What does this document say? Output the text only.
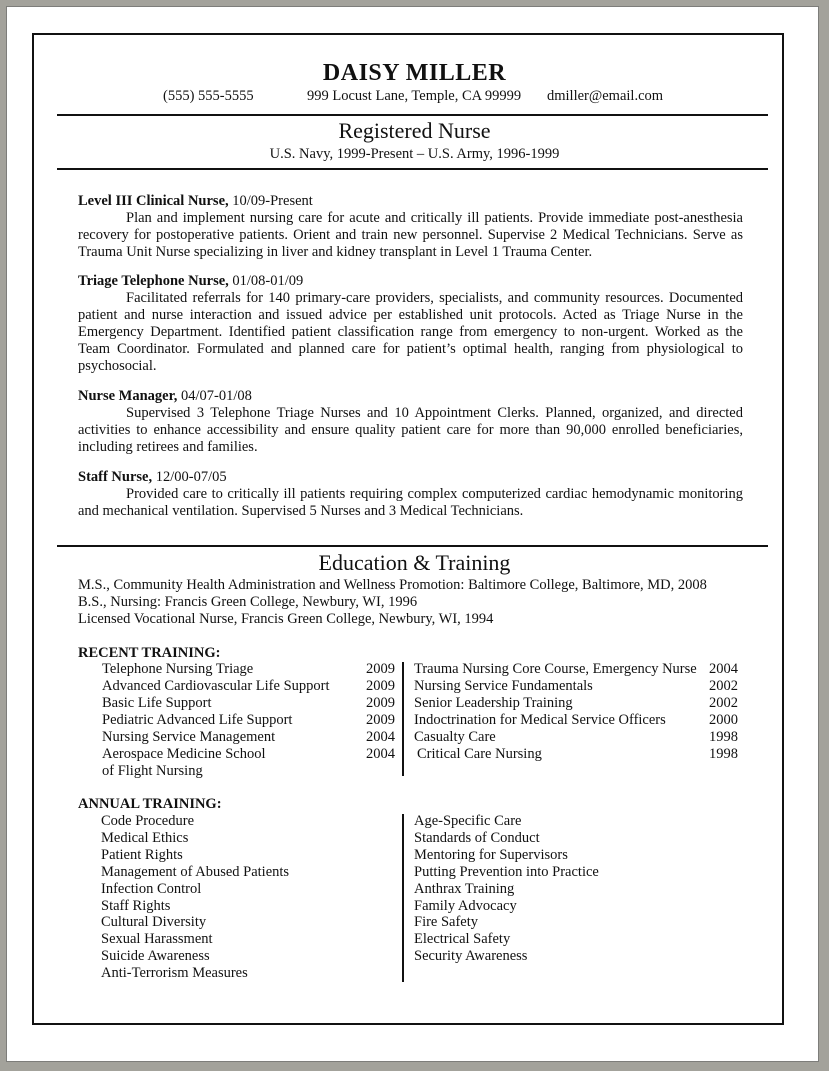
DAISY MILLER
(555) 555-5555	999 Locust Lane, Temple, CA 99999 dmiller@email.com
Registered Nurse
U.S. Navy, 1999-Present – U.S. Army, 1996-1999
Level III Clinical Nurse, 10/09-Present
Plan and implement nursing care for acute and critically ill patients. Provide immediate post-anesthesia recovery for postoperative patients. Orient and train new personnel. Supervise 2 Medical Technicians. Serve as Trauma Unit Nurse specializing in liver and kidney transplant in Level 1 Trauma Center.
Triage Telephone Nurse, 01/08-01/09
Facilitated referrals for 140 primary-care providers, specialists, and community resources. Documented patient and nurse interaction and issued advice per established unit protocols. Acted as Triage Nurse in the Emergency Department. Identified patient classification range from emergency to non-urgent. Worked as the Team Coordinator. Formulated and planned care for patient’s optimal health, ranging from physiological to psychosocial.
Nurse Manager, 04/07-01/08
Supervised 3 Telephone Triage Nurses and 10 Appointment Clerks. Planned, organized, and directed activities to enhance accessibility and ensure quality patient care for more than 90,000 enrolled beneficiaries, including retirees and families.
Staff Nurse, 12/00-07/05
Provided care to critically ill patients requiring complex computerized cardiac hemodynamic monitoring and mechanical ventilation. Supervised 5 Nurses and 3 Medical Technicians.
Education & Training
M.S., Community Health Administration and Wellness Promotion: Baltimore College, Baltimore, MD, 2008
B.S., Nursing: Francis Green College, Newbury, WI, 1996
Licensed Vocational Nurse, Francis Green College, Newbury, WI, 1994
RECENT TRAINING:
Telephone Nursing Triage	2009
Advanced Cardiovascular Life Support	2009
Basic Life Support	2009
Pediatric Advanced Life Support	2009
Nursing Service Management	2004
Aerospace Medicine School	2004
of Flight Nursing
Trauma Nursing Core Course, Emergency Nurse 2004
Nursing Service Fundamentals	2002
Senior Leadership Training	2002
Indoctrination for Medical Service Officers	2000
Casualty Care	1998
Critical Care Nursing	1998
ANNUAL TRAINING:
Code Procedure
Medical Ethics
Patient Rights
Management of Abused Patients
Infection Control
Staff Rights
Cultural Diversity
Sexual Harassment
Suicide Awareness
Anti-Terrorism Measures
Age-Specific Care
Standards of Conduct
Mentoring for Supervisors
Putting Prevention into Practice
Anthrax Training
Family Advocacy
Fire Safety
Electrical Safety
Security Awareness
